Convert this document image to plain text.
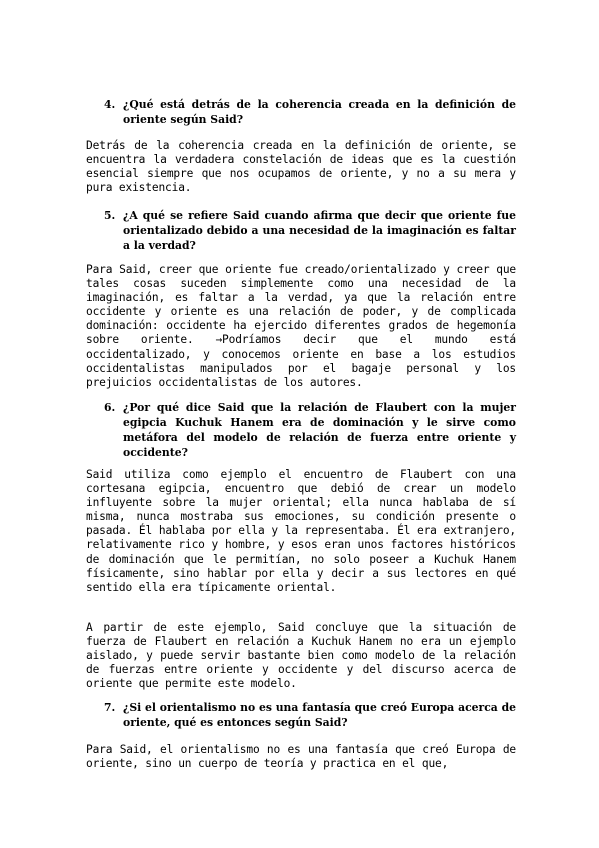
4. ¿Qué está detrás de la coherencia creada en la definición de oriente según Said?
Detrás de la coherencia creada en la definición de oriente, se encuentra la verdadera constelación de ideas que es la cuestión esencial siempre que nos ocupamos de oriente, y no a su mera y pura existencia.
5. ¿A qué se refiere Said cuando afirma que decir que oriente fue orientalizado debido a una necesidad de la imaginación es faltar a la verdad?
Para Said, creer que oriente fue creado/orientalizado y creer que tales cosas suceden simplemente como una necesidad de la imaginación, es faltar a la verdad, ya que la relación entre occidente y oriente es una relación de poder, y de complicada dominación: occidente ha ejercido diferentes grados de hegemonía sobre oriente. →Podríamos decir que el mundo está occidentalizado, y conocemos oriente en base a los estudios occidentalistas manipulados por el bagaje personal y los prejuicios occidentalistas de los autores.
6. ¿Por qué dice Said que la relación de Flaubert con la mujer egipcia Kuchuk Hanem era de dominación y le sirve como metáfora del modelo de relación de fuerza entre oriente y occidente?
Said utiliza como ejemplo el encuentro de Flaubert con una cortesana egipcia, encuentro que debió de crear un modelo influyente sobre la mujer oriental; ella nunca hablaba de sí misma, nunca mostraba sus emociones, su condición presente o pasada. Él hablaba por ella y la representaba. Él era extranjero, relativamente rico y hombre, y esos eran unos factores históricos de dominación que le permitían, no solo poseer a Kuchuk Hanem físicamente, sino hablar por ella y decir a sus lectores en qué sentido ella era típicamente oriental.
A partir de este ejemplo, Said concluye que la situación de fuerza de Flaubert en relación a Kuchuk Hanem no era un ejemplo aislado, y puede servir bastante bien como modelo de la relación de fuerzas entre oriente y occidente y del discurso acerca de oriente que permite este modelo.
7. ¿Si el orientalismo no es una fantasía que creó Europa acerca de oriente, qué es entonces según Said?
Para Said, el orientalismo no es una fantasía que creó Europa de oriente, sino un cuerpo de teoría y practica en el que,
